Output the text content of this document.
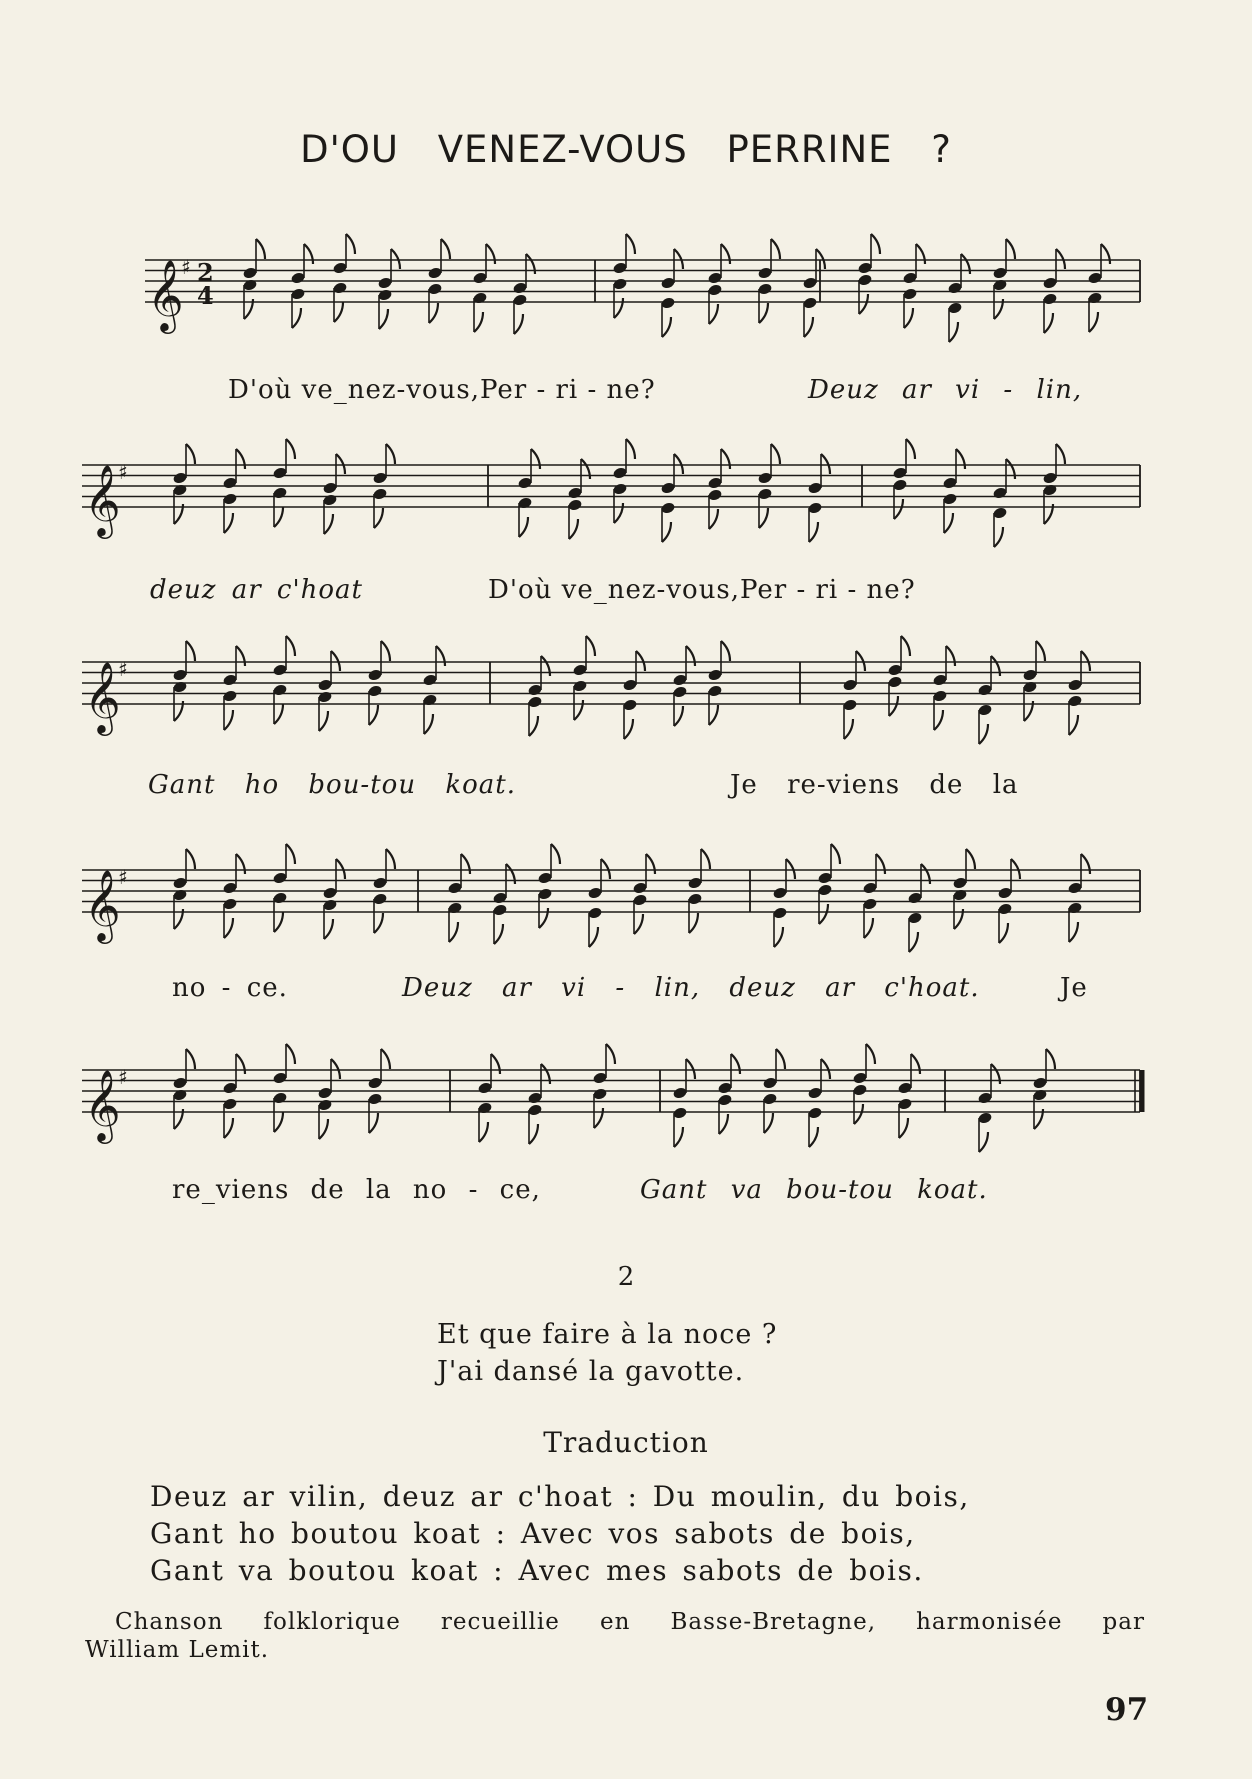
D'OU VENEZ-VOUS PERRINE ?
𝄞
♯ 2
4
D'où ve_nez-vous,Per - ri - ne?	Deuz ar vi - lin,
𝄞
♯
deuz ar c'hoat	D'où ve_nez-vous,Per - ri - ne?
𝄞
♯
Gant ho bou-tou koat.	Je re-viens de la
𝄞
♯
no - ce.	Deuz ar vi - lin, deuz ar c'hoat.	Je
𝄞
♯
re_viens de la no - ce,	Gant va bou-tou koat.
2
Et que faire à la noce ?
J'ai dansé la gavotte.
Traduction
Deuz ar vilin, deuz ar c'hoat : Du moulin, du bois,
Gant ho boutou koat : Avec vos sabots de bois,
Gant va boutou koat : Avec mes sabots de bois.
Chanson folklorique recueillie en Basse-Bretagne, harmonisée par
William Lemit.
97
